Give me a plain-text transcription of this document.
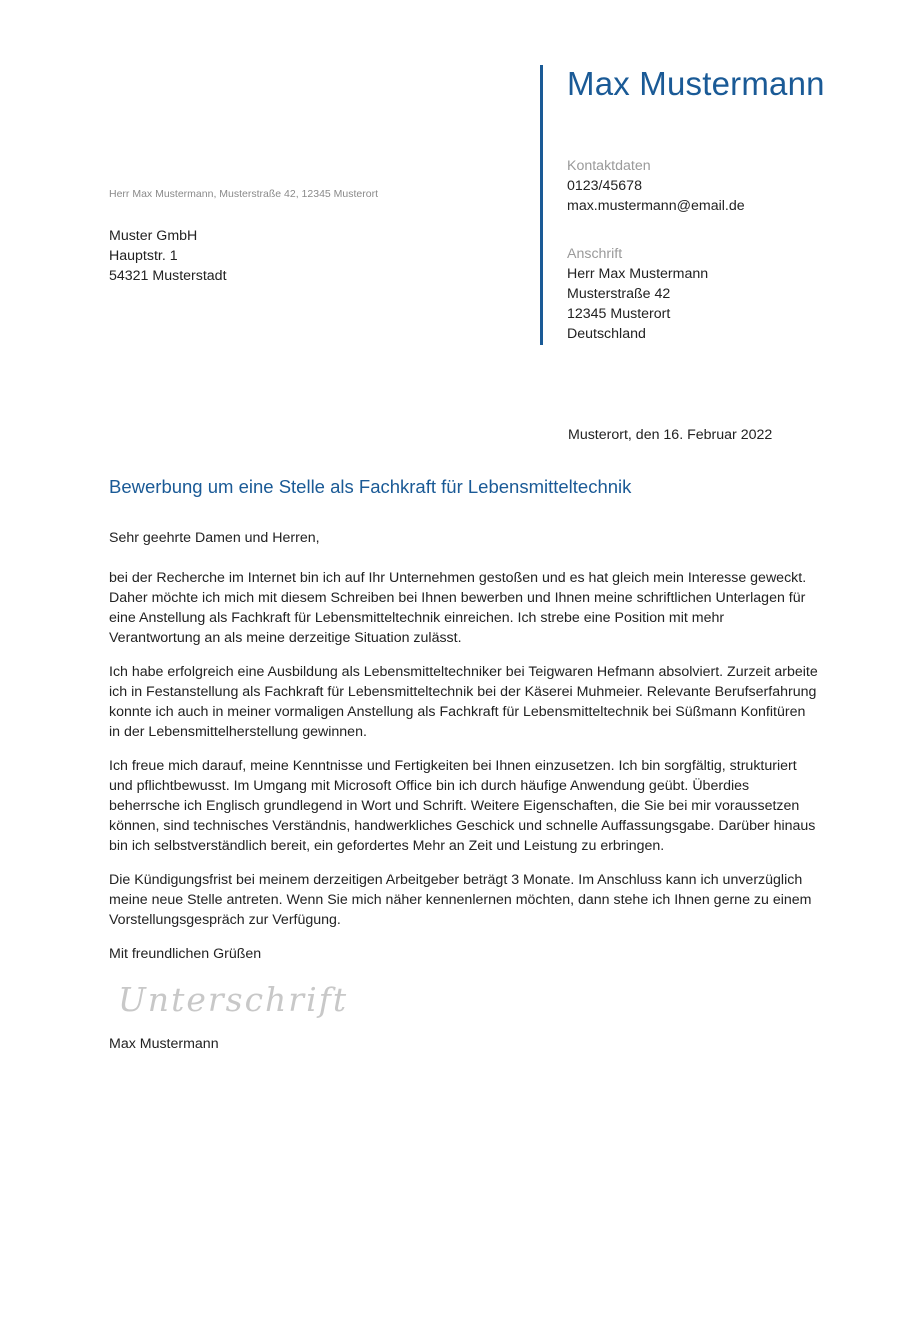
Max Mustermann
Kontaktdaten
0123/45678
max.mustermann@email.de
Anschrift
Herr Max Mustermann
Musterstraße 42
12345 Musterort
Deutschland
Herr Max Mustermann, Musterstraße 42, 12345 Musterort
Muster GmbH
Hauptstr. 1
54321 Musterstadt
Musterort, den 16. Februar 2022
Bewerbung um eine Stelle als Fachkraft für Lebensmitteltechnik

Sehr geehrte Damen und Herren,

bei der Recherche im Internet bin ich auf Ihr Unternehmen gestoßen und es hat gleich mein Interesse geweckt. Daher möchte ich mich mit diesem Schreiben bei Ihnen bewerben und Ihnen meine schriftlichen Unterlagen für eine Anstellung als Fachkraft für Lebensmitteltechnik einreichen. Ich strebe eine Position mit mehr Verantwortung an als meine derzeitige Situation zulässt.

Ich habe erfolgreich eine Ausbildung als Lebensmitteltechniker bei Teigwaren Hefmann absolviert. Zurzeit arbeite ich in Festanstellung als Fachkraft für Lebensmitteltechnik bei der Käserei Muhmeier. Relevante Berufserfahrung konnte ich auch in meiner vormaligen Anstellung als Fachkraft für Lebensmitteltechnik bei Süßmann Konfitüren in der Lebensmittelherstellung gewinnen.

Ich freue mich darauf, meine Kenntnisse und Fertigkeiten bei Ihnen einzusetzen. Ich bin sorgfältig, strukturiert und pflichtbewusst. Im Umgang mit Microsoft Office bin ich durch häufige Anwendung geübt. Überdies beherrsche ich Englisch grundlegend in Wort und Schrift. Weitere Eigenschaften, die Sie bei mir voraussetzen können, sind technisches Verständnis, handwerkliches Geschick und schnelle Auffassungsgabe. Darüber hinaus bin ich selbstverständlich bereit, ein gefordertes Mehr an Zeit und Leistung zu erbringen.

Die Kündigungsfrist bei meinem derzeitigen Arbeitgeber beträgt 3 Monate. Im Anschluss kann ich unverzüglich meine neue Stelle antreten. Wenn Sie mich näher kennenlernen möchten, dann stehe ich Ihnen gerne zu einem Vorstellungsgespräch zur Verfügung.

Mit freundlichen Grüßen

Unterschrift
Max Mustermann
